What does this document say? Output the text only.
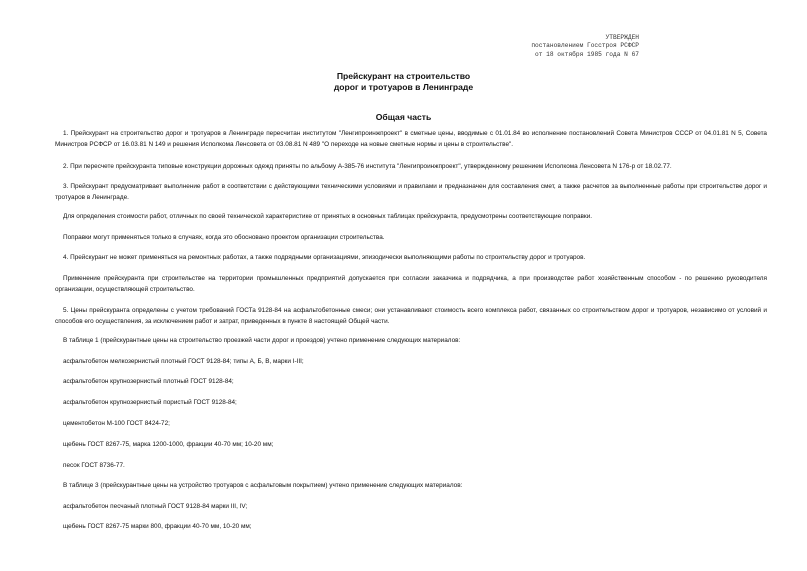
УТВЕРЖДЕН
постановлением Госстроя РСФСР
от 18 октября 1985 года N 67
Прейскурант на строительство
дорог и тротуаров в Ленинграде
Общая часть
1. Прейскурант на строительство дорог и тротуаров в Ленинграде пересчитан институтом "Ленгипроинжпроект" в сметные цены, вводимые с 01.01.84 во исполнение постановлений Совета Министров СССР от 04.01.81 N 5, Совета Министров РСФСР от 16.03.81 N 149 и решения Исполкома Ленсовета от 03.08.81 N 489 "О переходе на новые сметные нормы и цены в строительстве".
2. При пересчете прейскуранта типовые конструкции дорожных одежд приняты по альбому А-385-76 института "Ленгипроинжпроект", утвержденному решением Исполкома Ленсовета N 176-р от 18.02.77.
3. Прейскурант предусматривает выполнение работ в соответствии с действующими техническими условиями и правилами и предназначен для составления смет, а также расчетов за выполненные работы при строительстве дорог и тротуаров в Ленинграде.
Для определения стоимости работ, отличных по своей технической характеристике от принятых в основных таблицах прейскуранта, предусмотрены соответствующие поправки.
Поправки могут применяться только в случаях, когда это обосновано проектом организации строительства.
4. Прейскурант не может применяться на ремонтных работах, а также подрядными организациями, эпизодически выполняющими работы по строительству дорог и тротуаров.
Применение прейскуранта при строительстве на территории промышленных предприятий допускается при согласии заказчика и подрядчика, а при производстве работ хозяйственным способом - по решению руководителя организации, осуществляющей строительство.
5. Цены прейскуранта определены с учетом требований ГОСТа 9128-84 на асфальтобетонные смеси; они устанавливают стоимость всего комплекса работ, связанных со строительством дорог и тротуаров, независимо от условий и способов его осуществления, за исключением работ и затрат, приведенных в пункте 8 настоящей Общей части.
В таблице 1 (прейскурантные цены на строительство проезжей части дорог и проездов) учтено применение следующих материалов:
асфальтобетон мелкозернистый плотный ГОСТ 9128-84; типы А, Б, В, марки I-III;
асфальтобетон крупнозернистый плотный ГОСТ 9128-84;
асфальтобетон крупнозернистый пористый ГОСТ 9128-84;
цементобетон М-100 ГОСТ 8424-72;
щебень ГОСТ 8267-75, марка 1200-1000, фракции 40-70 мм; 10-20 мм;
песок ГОСТ 8736-77.
В таблице 3 (прейскурантные цены на устройство тротуаров с асфальтовым покрытием) учтено применение следующих материалов:
асфальтобетон песчаный плотный ГОСТ 9128-84 марки III, IV;
щебень ГОСТ 8267-75 марки 800, фракции 40-70 мм, 10-20 мм;
